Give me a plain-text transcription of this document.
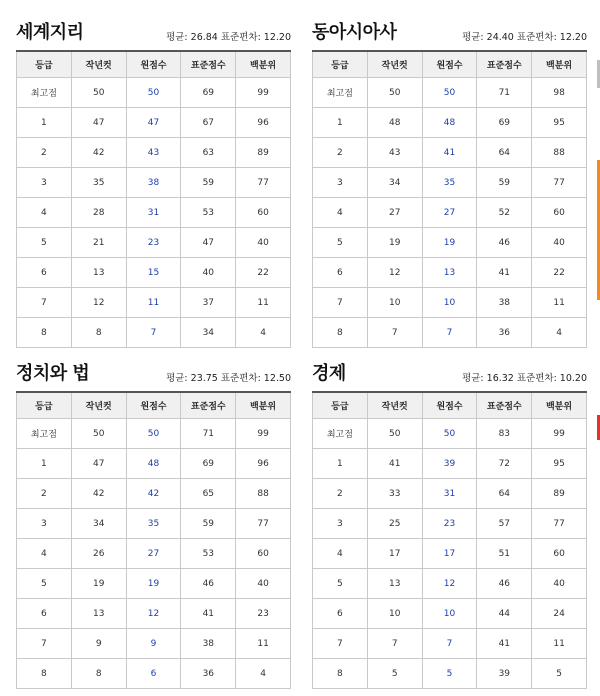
세계지리	평균: 26.84 표준편차: 12.20
등급	작년컷	원점수	표준점수	백분위
최고점	50	50	69	99
1	47	47	67	96
2	42	43	63	89
3	35	38	59	77
4	28	31	53	60
5	21	23	47	40
6	13	15	40	22
7	12	11	37	11
8	8	7	34	4
동아시아사	평균: 24.40 표준편차: 12.20
등급	작년컷	원점수	표준점수	백분위
최고점	50	50	71	98
1	48	48	69	95
2	43	41	64	88
3	34	35	59	77
4	27	27	52	60
5	19	19	46	40
6	12	13	41	22
7	10	10	38	11
8	7	7	36	4
정치와 법	평균: 23.75 표준편차: 12.50
등급	작년컷	원점수	표준점수	백분위
최고점	50	50	71	99
1	47	48	69	96
2	42	42	65	88
3	34	35	59	77
4	26	27	53	60
5	19	19	46	40
6	13	12	41	23
7	9	9	38	11
8	8	6	36	4
경제	평균: 16.32 표준편차: 10.20
등급	작년컷	원점수	표준점수	백분위
최고점	50	50	83	99
1	41	39	72	95
2	33	31	64	89
3	25	23	57	77
4	17	17	51	60
5	13	12	46	40
6	10	10	44	24
7	7	7	41	11
8	5	5	39	5
